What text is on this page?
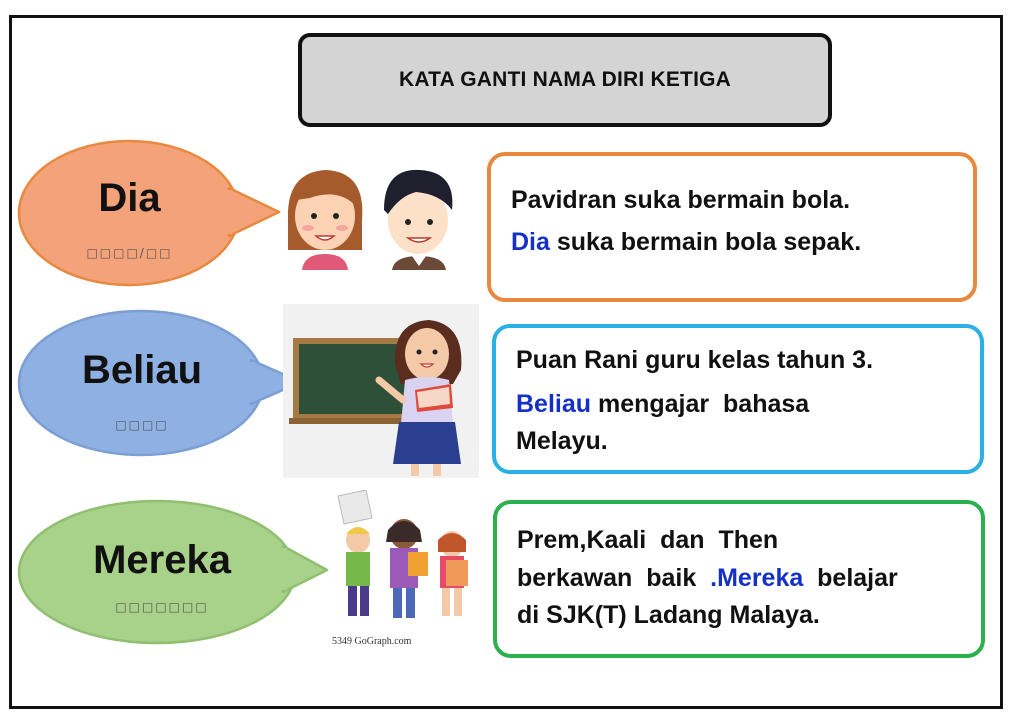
KATA GANTI NAMA DIRI KETIGA
Dia
□□□□/□□

Pavidran suka bermain bola.

Dia suka bermain bola sepak.

Beliau
□□□□

Puan Rani guru kelas tahun 3.

Beliau mengajar  bahasa

Melayu.

Mereka
□□□□□□□
5349 GoGraph.com

Prem,Kaali  dan  Then

berkawan  baik  .Mereka  belajar

di SJK(T) Ladang Malaya.
